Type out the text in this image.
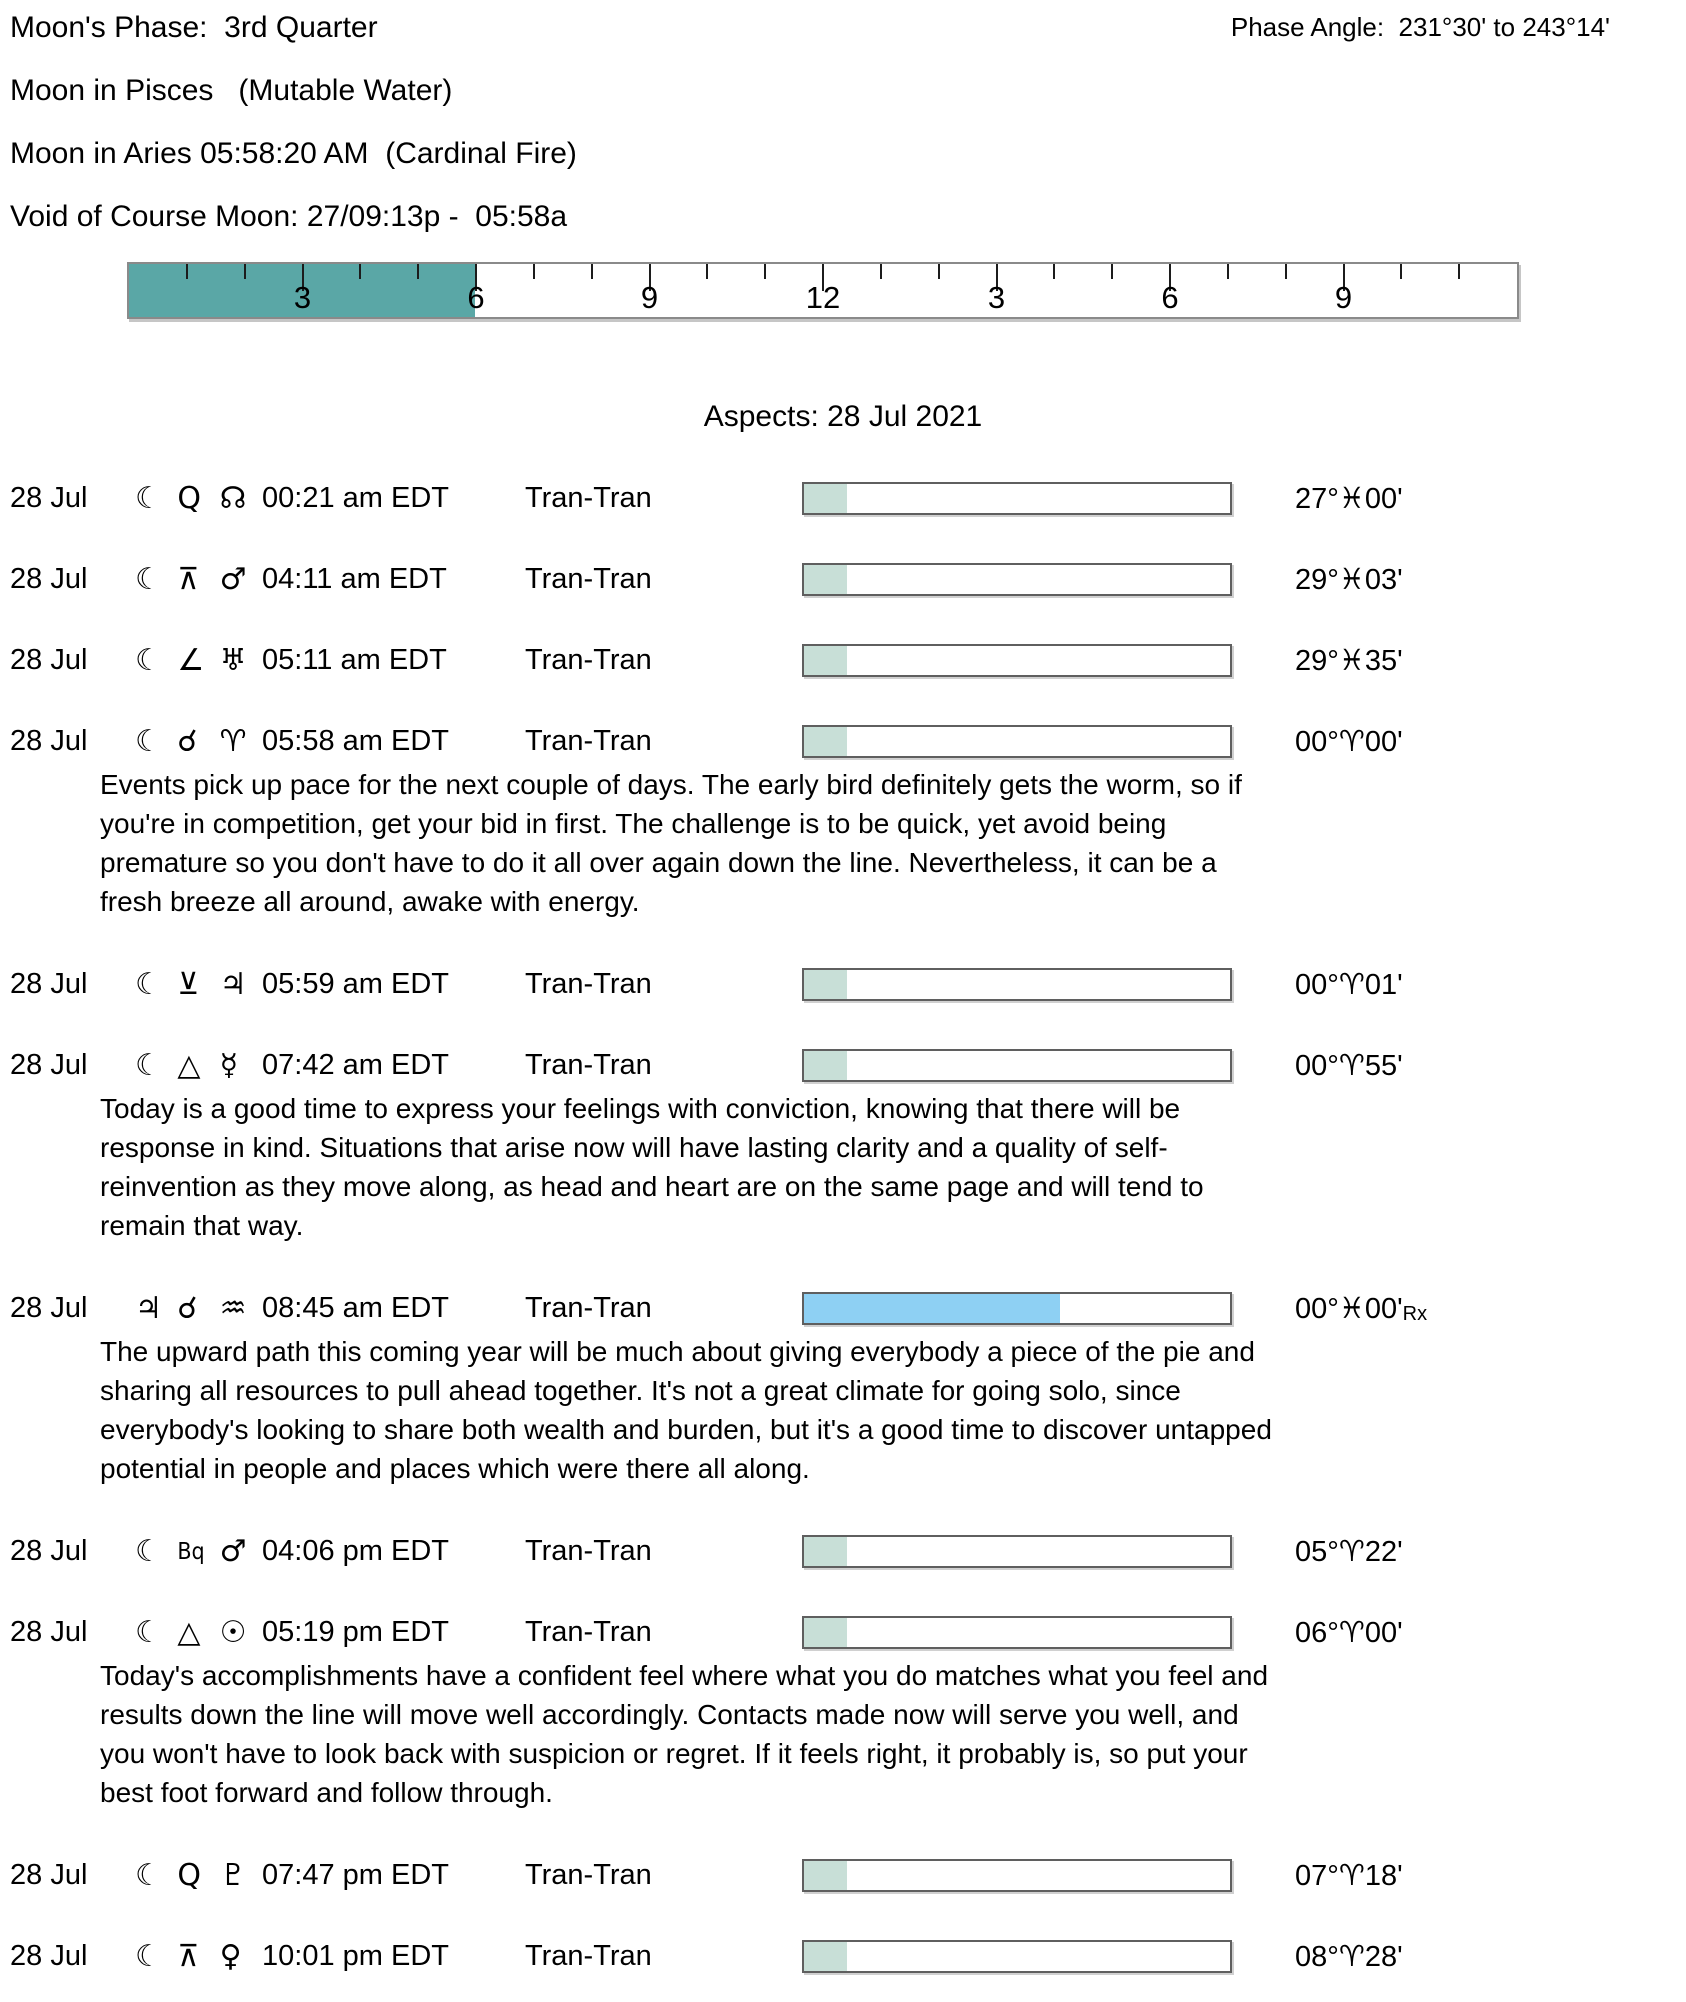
Moon's Phase:  3rd Quarter	Phase Angle:  231°30' to 243°14'
Moon in Pisces   (Mutable Water)
Moon in Aries 05:58:20 AM  (Cardinal Fire)
Void of Course Moon: 27/09:13p -  05:58a
3	6	9	12	3	6	9
Aspects: 28 Jul 2021
28 Jul	☾ Q ☊ 00:21 am EDT	Tran-Tran	27°♓00'
28 Jul	☾ ⊼ ♂ 04:11 am EDT	Tran-Tran	29°♓03'
28 Jul	☾ ∠ ♅ 05:11 am EDT	Tran-Tran	29°♓35'
28 Jul	☾ ☌ ♈ 05:58 am EDT	Tran-Tran	00°♈00'
Events pick up pace for the next couple of days. The early bird definitely gets the worm, so if you're in competition, get your bid in first. The challenge is to be quick, yet avoid being premature so you don't have to do it all over again down the line. Nevertheless, it can be a fresh breeze all around, awake with energy.
28 Jul	☾ ⊻ ♃ 05:59 am EDT	Tran-Tran	00°♈01'
28 Jul	☾ △ ☿ 07:42 am EDT	Tran-Tran	00°♈55'
Today is a good time to express your feelings with conviction, knowing that there will be response in kind. Situations that arise now will have lasting clarity and a quality of self-reinvention as they move along, as head and heart are on the same page and will tend to remain that way.
28 Jul	♃ ☌ ♒ 08:45 am EDT	Tran-Tran	00°♓00'Rx
The upward path this coming year will be much about giving everybody a piece of the pie and sharing all resources to pull ahead together. It's not a great climate for going solo, since everybody's looking to share both wealth and burden, but it's a good time to discover untapped potential in people and places which were there all along.
28 Jul	☾ Bq ♂ 04:06 pm EDT	Tran-Tran	05°♈22'
28 Jul	☾ △ ☉ 05:19 pm EDT	Tran-Tran	06°♈00'
Today's accomplishments have a confident feel where what you do matches what you feel and results down the line will move well accordingly. Contacts made now will serve you well, and you won't have to look back with suspicion or regret. If it feels right, it probably is, so put your best foot forward and follow through.
28 Jul	☾ Q ♇ 07:47 pm EDT	Tran-Tran	07°♈18'
28 Jul	☾ ⊼ ♀ 10:01 pm EDT	Tran-Tran	08°♈28'
